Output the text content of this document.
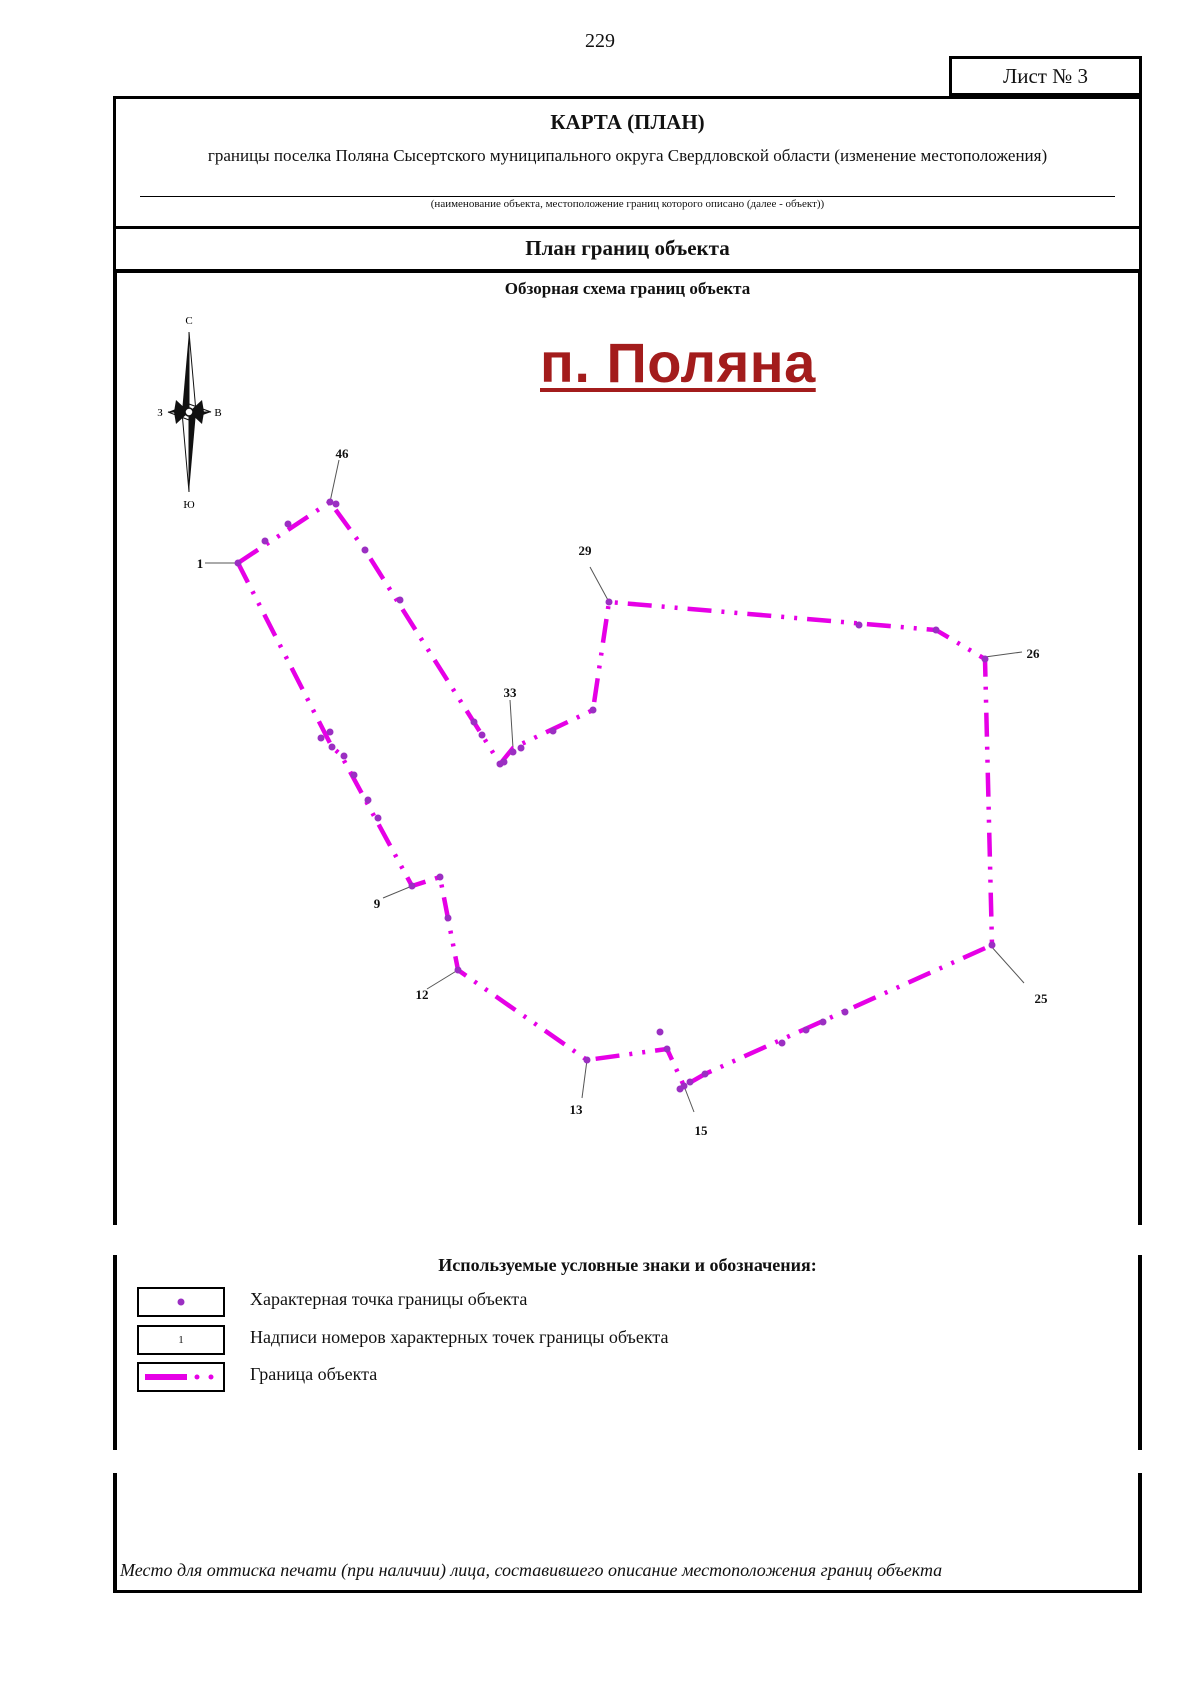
229
Лист № 3
КАРТА (ПЛАН)
границы поселка Поляна Сысертского муниципального округа Свердловской области (изменение местоположения)
(наименование объекта, местоположение границ которого описано (далее - объект))
План границ объекта
Обзорная схема границ объекта
п. Поляна
С
Ю
З	В
46
1
29
26
33
9
12	25
13
15
Используемые условные знаки и обозначения:
Характерная точка границы объекта
1	Надписи номеров характерных точек границы объекта
Граница объекта
Место для оттиска печати (при наличии) лица, составившего описание местоположения границ объекта
